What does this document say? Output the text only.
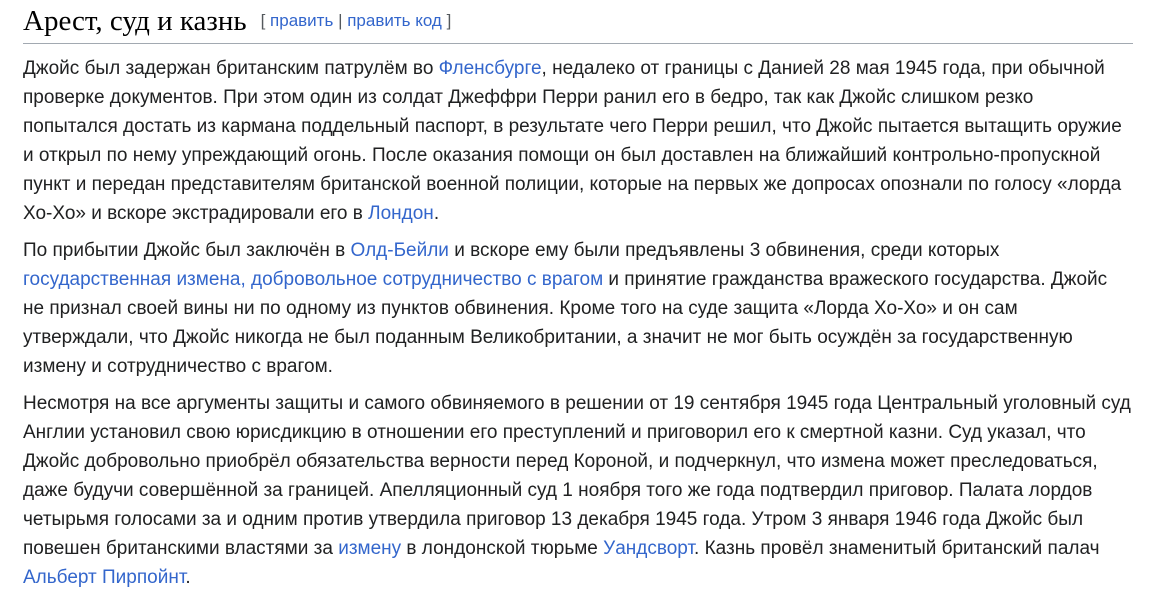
Арест, суд и казнь [ править | править код ]

Джойс был задержан британским патрулём во Фленсбурге, недалеко от границы с Данией 28 мая 1945 года, при обычной проверке документов. При этом один из солдат Джеффри Перри ранил его в бедро, так как Джойс слишком резко попытался достать из кармана поддельный паспорт, в результате чего Перри решил, что Джойс пытается вытащить оружие и открыл по нему упреждающий огонь. После оказания помощи он был доставлен на ближайший контрольно-пропускной пункт и передан представителям британской военной полиции, которые на первых же допросах опознали по голосу «лорда Хо-Хо» и вскоре экстрадировали его в Лондон.

По прибытии Джойс был заключён в Олд-Бейли и вскоре ему были предъявлены 3 обвинения, среди которых государственная измена, добровольное сотрудничество с врагом и принятие гражданства вражеского государства. Джойс не признал своей вины ни по одному из пунктов обвинения. Кроме того на суде защита «Лорда Хо-Хо» и он сам утверждали, что Джойс никогда не был поданным Великобритании, а значит не мог быть осуждён за государственную измену и сотрудничество с врагом.

Несмотря на все аргументы защиты и самого обвиняемого в решении от 19 сентября 1945 года Центральный уголовный суд Англии установил свою юрисдикцию в отношении его преступлений и приговорил его к смертной казни. Суд указал, что Джойс добровольно приобрёл обязательства верности перед Короной, и подчеркнул, что измена может преследоваться, даже будучи совершённой за границей. Апелляционный суд 1 ноября того же года подтвердил приговор. Палата лордов четырьмя голосами за и одним против утвердила приговор 13 декабря 1945 года. Утром 3 января 1946 года Джойс был повешен британскими властями за измену в лондонской тюрьме Уандсворт. Казнь провёл знаменитый британский палач Альберт Пирпойнт.
